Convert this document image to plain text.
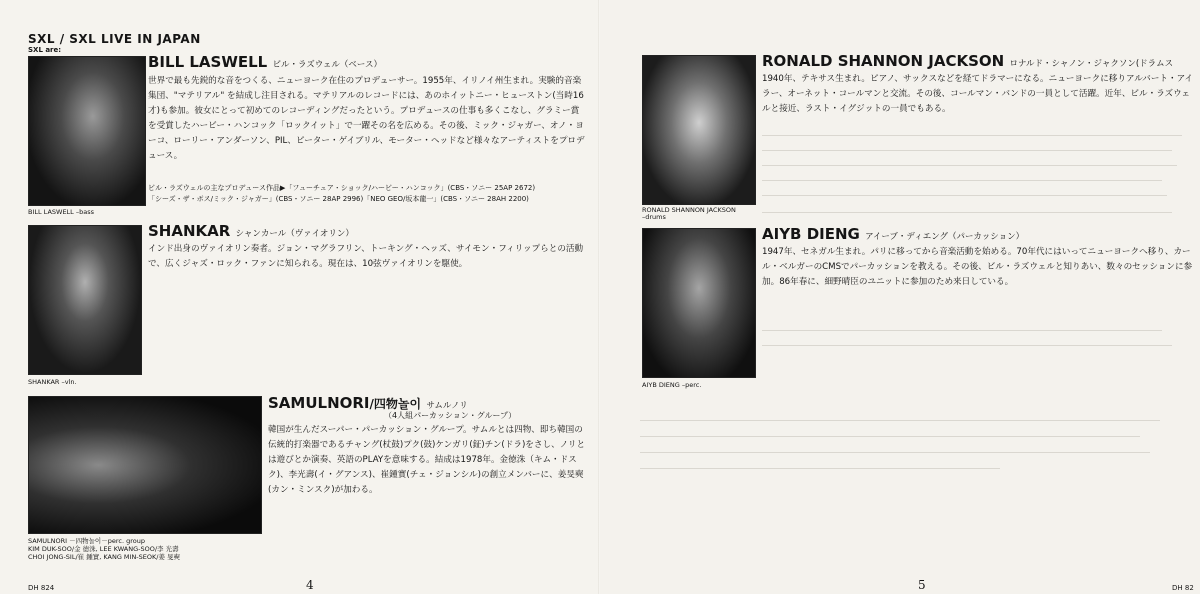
SXL / SXL LIVE IN JAPAN
SXL are:
BILL LASWELL –bass
BILL LASWELL ビル・ラズウェル（ベース）
世界で最も先鋭的な音をつくる、ニューヨーク在住のプロデューサー。1955年、イリノイ州生まれ。実験的音楽集団、"マテリアル" を結成し注目される。マテリアルのレコードには、あのホイットニー・ヒューストン(当時16才)も参加。彼女にとって初めてのレコーディングだったという。プロデュースの仕事も多くこなし、グラミー賞を受賞したハービー・ハンコック「ロックイット」で一躍その名を広める。その後、ミック・ジャガー、オノ・ヨーコ、ローリー・アンダーソン、PIL、ピーター・ゲイブリル、モーター・ヘッドなど様々なアーティストをプロデュース。
ビル・ラズウェルの主なプロデュース作品▶「フューチュア・ショック/ハービー・ハンコック」(CBS・ソニー 25AP 2672)
「シーズ・ザ・ボス/ミック・ジャガー」(CBS・ソニー 28AP 2996)「NEO GEO/坂本龍一」(CBS・ソニー 28AH 2200)
SHANKAR –vln.
SHANKAR シャンカール（ヴァイオリン）
インド出身のヴァイオリン奏者。ジョン・マグラフリン、トーキング・ヘッズ、サイモン・フィリップらとの活動で、広くジャズ・ロック・ファンに知られる。現在は、10弦ヴァイオリンを駆使。
SAMULNORI －四物놀이－perc. group
KIM DUK-SOO/金 德洙, LEE KWANG-SOO/李 光壽
CHOI JONG-SIL/崔 鍾實, KANG MIN-SEOK/姜 旻奭
SAMULNORI/四物놀이 サムルノリ
（4人組パーカッション・グループ）
韓国が生んだスーパー・パーカッション・グループ。サムルとは四物、即ち韓国の伝統的打楽器であるチャング(杖鼓)プク(鼓)ケンガリ(鉦)チン(ドラ)をさし、ノリとは遊びとか演奏、英語のPLAYを意味する。結成は1978年。金徳洙（キム・ドスク)、李光壽(イ・グアンス)、崔鍾實(チェ・ジョンシル)の創立メンバーに、姜旻奭(カン・ミンスク)が加わる。
4
DH 824
RONALD SHANNON JACKSON
–drums
RONALD SHANNON JACKSON ロナルド・シャノン・ジャクソン(ドラムス
1940年、テキサス生まれ。ピアノ、サックスなどを経てドラマーになる。ニューヨークに移りアルバート・アイラー、オーネット・コールマンと交流。その後、コールマン・バンドの一員として活躍。近年、ビル・ラズウェルと接近、ラスト・イグジットの一員でもある。
AIYB DIENG –perc.
AIYB DIENG アイーブ・ディエング（パーカッション）
1947年、セネガル生まれ。パリに移ってから音楽活動を始める。70年代にはいってニューヨークへ移り、カール・ベルガーのCMSでパーカッションを教える。その後、ビル・ラズウェルと知りあい、数々のセッションに参加。86年春に、細野晴臣のユニットに参加のため来日している。
5	DH 82
